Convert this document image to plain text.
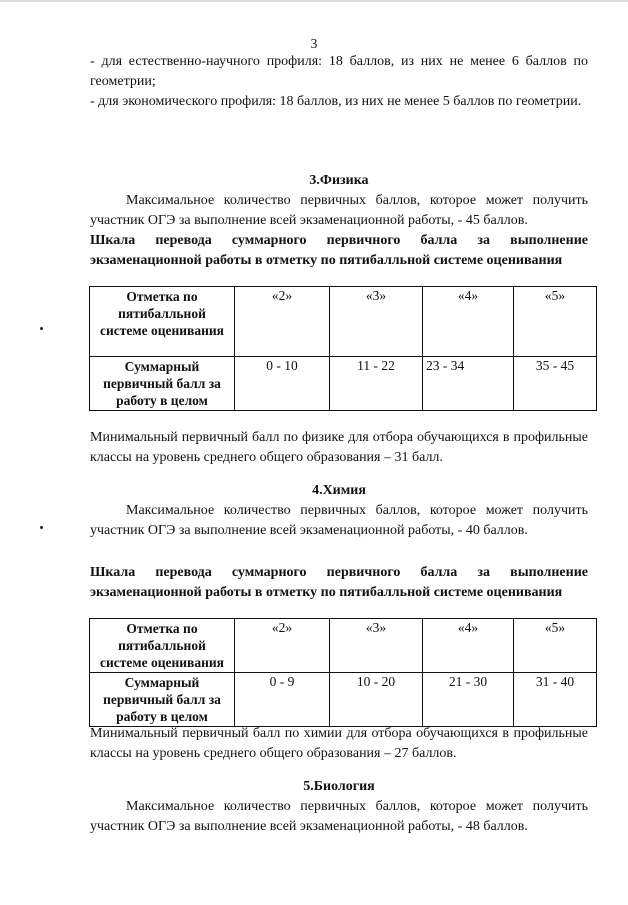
3
- для естественно-научного профиля: 18 баллов, из них не менее 6 баллов по геометрии;
- для экономического профиля: 18 баллов, из них не менее 5 баллов по геометрии.
3.Физика
Максимальное количество первичных баллов, которое может получить участник ОГЭ за выполнение всей экзаменационной работы, - 45 баллов.
Шкала перевода суммарного первичного балла за выполнение
экзаменационной работы в отметку по пятибалльной системе оценивания
Отметка по пятибалльной системе оценивания	«2»	«3»	«4»	«5»
Суммарный первичный балл за работу в целом	0 - 10	11 - 22	23 - 34	35 - 45
Минимальный первичный балл по физике для отбора обучающихся в профильные классы на уровень среднего общего образования – 31 балл.
4.Химия
Максимальное количество первичных баллов, которое может получить участник ОГЭ за выполнение всей экзаменационной работы, - 40 баллов.
Шкала перевода суммарного первичного балла за выполнение
экзаменационной работы в отметку по пятибалльной системе оценивания
Отметка по пятибалльной системе оценивания	«2»	«3»	«4»	«5»
Суммарный первичный балл за работу в целом	0 - 9	10 - 20	21 - 30	31 - 40
Минимальный первичный балл по химии для отбора обучающихся в профильные классы на уровень среднего общего образования – 27 баллов.
5.Биология
Максимальное количество первичных баллов, которое может получить участник ОГЭ за выполнение всей экзаменационной работы, - 48 баллов.
